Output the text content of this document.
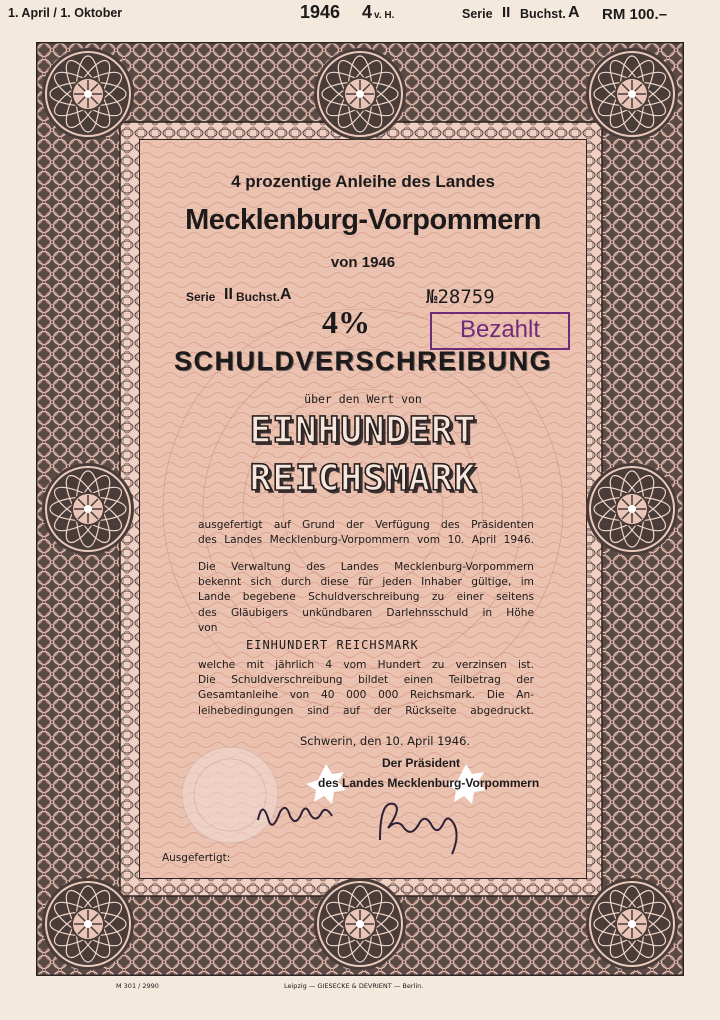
1. April / 1. Oktober	1946 4 v. H.	Serie II Buchst. A RM 100.–
4 prozentige Anleihe des Landes
Mecklenburg-Vorpommern
von 1946
Serie II Buchst. A	№28759
Bezahlt
4%
SCHULDVERSCHREIBUNG
über den Wert von
EINHUNDERT
REICHSMARK
ausgefertigt auf Grund der Verfügung des Präsidenten
des Landes Mecklenburg-Vorpommern vom 10. April 1946.
Die Verwaltung des Landes Mecklenburg-Vorpommern
bekennt sich durch diese für jeden Inhaber gültige, im
Lande begebene Schuldverschreibung zu einer seitens
des Gläubigers unkündbaren Darlehnsschuld in Höhe
von
EINHUNDERT REICHSMARK
welche mit jährlich 4 vom Hundert zu verzinsen ist.
Die Schuldverschreibung bildet einen Teilbetrag der
Gesamtanleihe von 40 000 000 Reichsmark. Die An-
leihebedingungen sind auf der Rückseite abgedruckt.
Schwerin, den 10. April 1946.
Der Präsident
des Landes Mecklenburg-Vorpommern
Ausgefertigt:
M 301 / 2990	Leipzig — GIESECKE & DEVRIENT — Berlin.
